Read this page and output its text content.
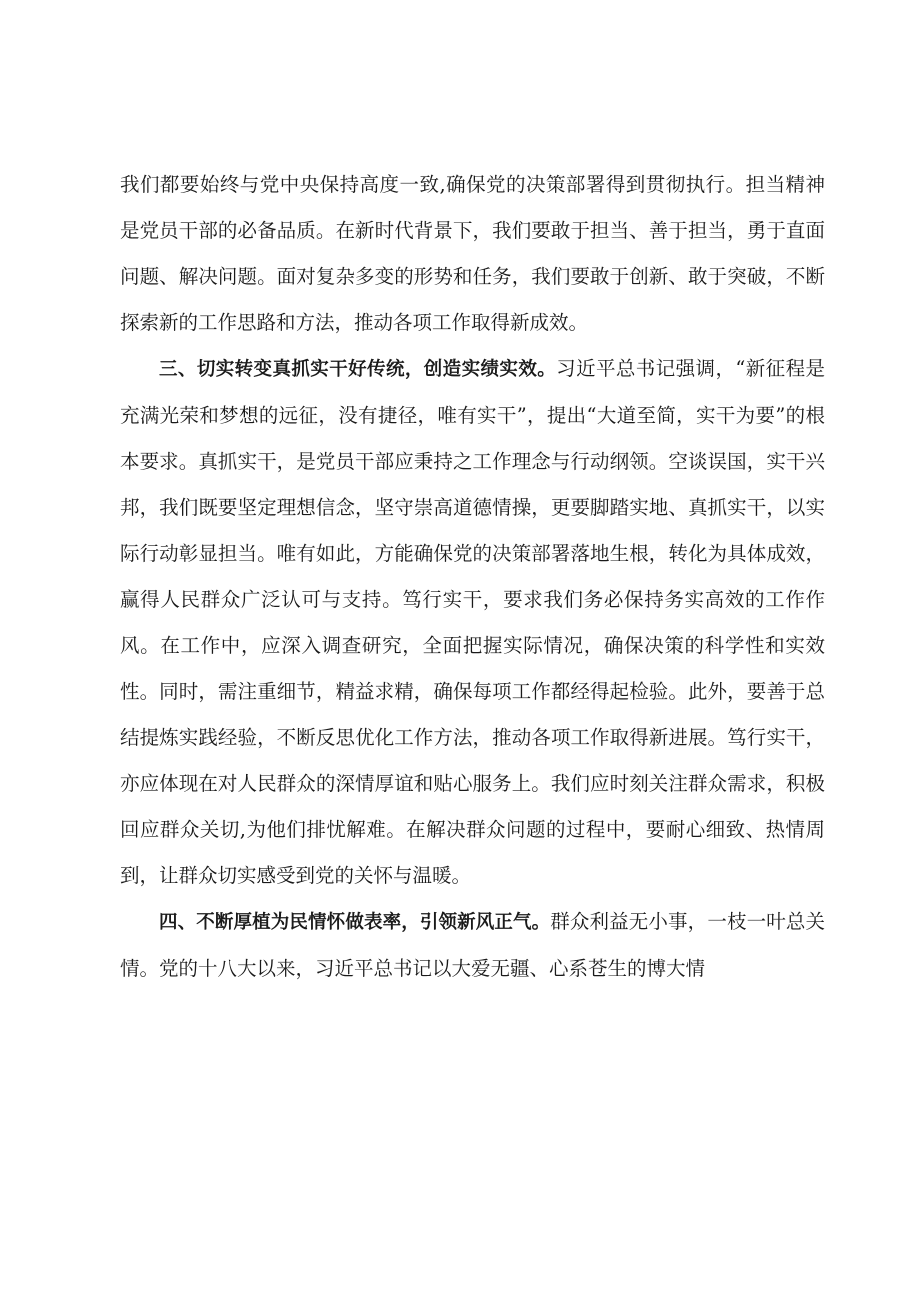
我们都要始终与党中央保持高度一致,确保党的决策部署得到贯彻执行。担当精神是党员干部的必备品质。在新时代背景下，我们要敢于担当、善于担当，勇于直面问题、解决问题。面对复杂多变的形势和任务，我们要敢于创新、敢于突破，不断探索新的工作思路和方法，推动各项工作取得新成效。

三、切实转变真抓实干好传统，创造实绩实效。习近平总书记强调，“新征程是充满光荣和梦想的远征，没有捷径，唯有实干”，提出“大道至简，实干为要”的根本要求。真抓实干，是党员干部应秉持之工作理念与行动纲领。空谈误国，实干兴邦，我们既要坚定理想信念，坚守崇高道德情操，更要脚踏实地、真抓实干，以实际行动彰显担当。唯有如此，方能确保党的决策部署落地生根，转化为具体成效，赢得人民群众广泛认可与支持。笃行实干，要求我们务必保持务实高效的工作作风。在工作中，应深入调查研究，全面把握实际情况，确保决策的科学性和实效性。同时，需注重细节，精益求精，确保每项工作都经得起检验。此外，要善于总结提炼实践经验，不断反思优化工作方法，推动各项工作取得新进展。笃行实干，亦应体现在对人民群众的深情厚谊和贴心服务上。我们应时刻关注群众需求，积极回应群众关切,为他们排忧解难。在解决群众问题的过程中，要耐心细致、热情周到，让群众切实感受到党的关怀与温暖。

四、不断厚植为民情怀做表率，引领新风正气。群众利益无小事，一枝一叶总关情。党的十八大以来，习近平总书记以大爱无疆、心系苍生的博大情
